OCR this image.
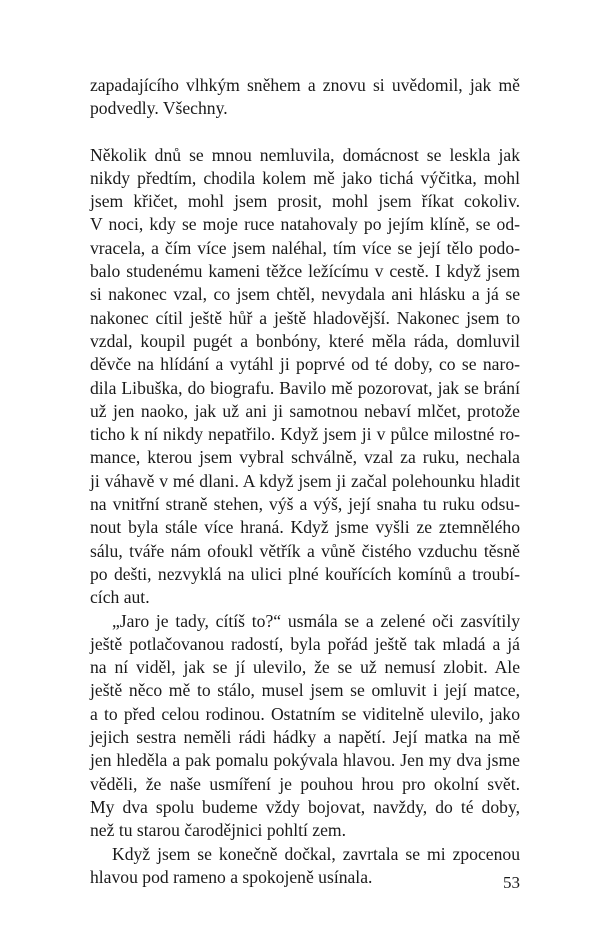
zapadajícího vlhkým sněhem a znovu si uvědomil, jak mě
podvedly. Všechny.
Několik dnů se mnou nemluvila, domácnost se leskla jak
nikdy předtím, chodila kolem mě jako tichá výčitka, mohl
jsem křičet, mohl jsem prosit, mohl jsem říkat cokoliv.
V noci, kdy se moje ruce natahovaly po jejím klíně, se od-
vracela, a čím více jsem naléhal, tím více se její tělo podo-
balo studenému kameni těžce ležícímu v cestě. I když jsem
si nakonec vzal, co jsem chtěl, nevydala ani hlásku a já se
nakonec cítil ještě hůř a ještě hladovější. Nakonec jsem to
vzdal, koupil pugét a bonbóny, které měla ráda, domluvil
děvče na hlídání a vytáhl ji poprvé od té doby, co se naro-
dila Libuška, do biografu. Bavilo mě pozorovat, jak se brání
už jen naoko, jak už ani ji samotnou nebaví mlčet, protože
ticho k ní nikdy nepatřilo. Když jsem ji v půlce milostné ro-
mance, kterou jsem vybral schválně, vzal za ruku, nechala
ji váhavě v mé dlani. A když jsem ji začal polehounku hladit
na vnitřní straně stehen, výš a výš, její snaha tu ruku odsu-
nout byla stále více hraná. Když jsme vyšli ze ztemnělého
sálu, tváře nám ofoukl větřík a vůně čistého vzduchu těsně
po dešti, nezvyklá na ulici plné kouřících komínů a troubí-
cích aut.
„Jaro je tady, cítíš to?“ usmála se a zelené oči zasvítily
ještě potlačovanou radostí, byla pořád ještě tak mladá a já
na ní viděl, jak se jí ulevilo, že se už nemusí zlobit. Ale
ještě něco mě to stálo, musel jsem se omluvit i její matce,
a to před celou rodinou. Ostatním se viditelně ulevilo, jako
jejich sestra neměli rádi hádky a napětí. Její matka na mě
jen hleděla a pak pomalu pokývala hlavou. Jen my dva jsme
věděli, že naše usmíření je pouhou hrou pro okolní svět.
My dva spolu budeme vždy bojovat, navždy, do té doby,
než tu starou čarodějnici pohltí zem.
Když jsem se konečně dočkal, zavrtala se mi zpocenou
hlavou pod rameno a spokojeně usínala.	53
